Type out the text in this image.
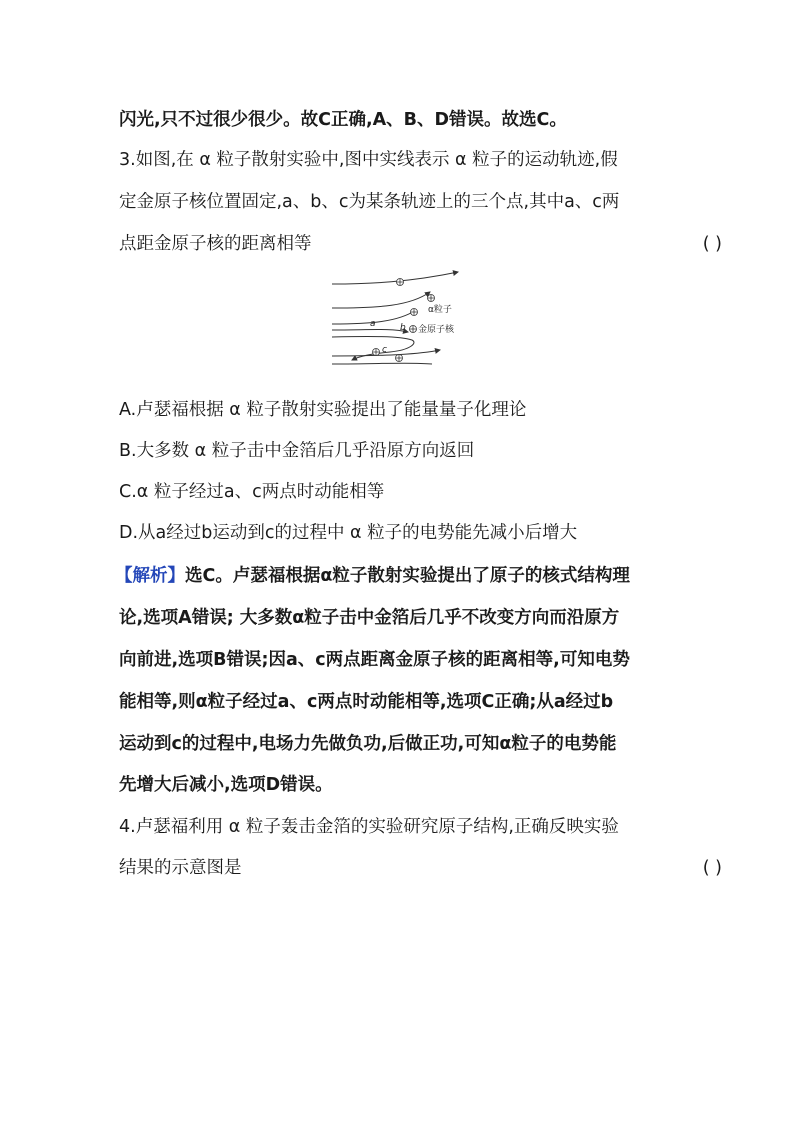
闪光,只不过很少很少。故C正确,A、B、D错误。故选C。
3.如图,在 α 粒子散射实验中,图中实线表示 α 粒子的运动轨迹,假
定金原子核位置固定,a、b、c为某条轨迹上的三个点,其中a、c两
点距金原子核的距离相等	( )
α粒子
金原子核
a	b
c
A.卢瑟福根据 α 粒子散射实验提出了能量量子化理论
B.大多数 α 粒子击中金箔后几乎沿原方向返回
C.α 粒子经过a、c两点时动能相等
D.从a经过b运动到c的过程中 α 粒子的电势能先减小后增大
【解析】选C。卢瑟福根据α粒子散射实验提出了原子的核式结构理
论,选项A错误; 大多数α粒子击中金箔后几乎不改变方向而沿原方
向前进,选项B错误;因a、c两点距离金原子核的距离相等,可知电势
能相等,则α粒子经过a、c两点时动能相等,选项C正确;从a经过b
运动到c的过程中,电场力先做负功,后做正功,可知α粒子的电势能
先增大后减小,选项D错误。
4.卢瑟福利用 α 粒子轰击金箔的实验研究原子结构,正确反映实验
结果的示意图是	( )
